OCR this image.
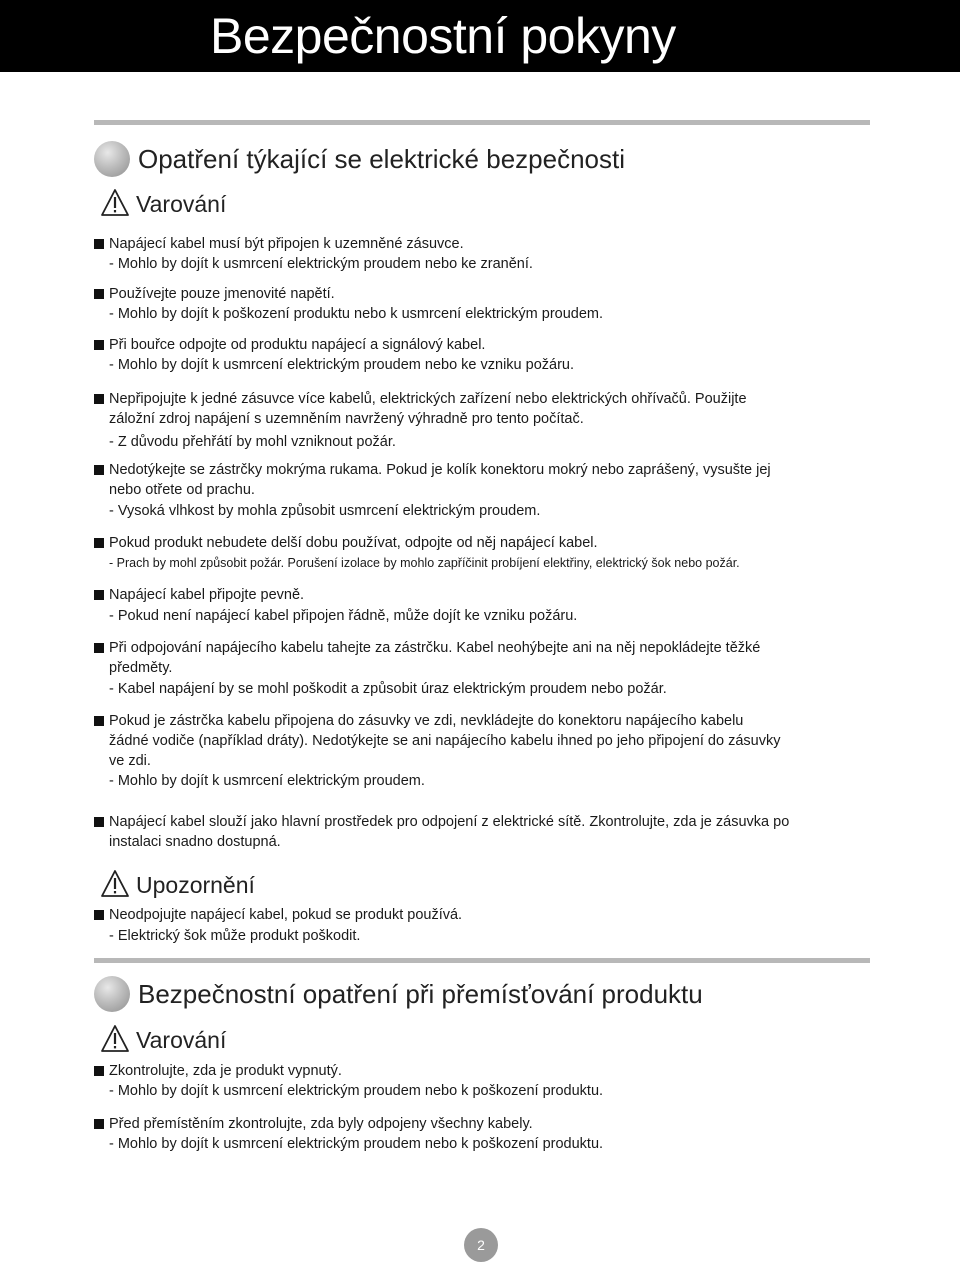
Bezpečnostní pokyny
Opatření týkající se elektrické bezpečnosti
Varování
Napájecí kabel musí být připojen k uzemněné zásuvce.
- Mohlo by dojít k usmrcení elektrickým proudem nebo ke zranění.
Používejte pouze jmenovité napětí.
- Mohlo by dojít k poškození produktu nebo k usmrcení elektrickým proudem.
Při bouřce odpojte od produktu napájecí a signálový kabel.
- Mohlo by dojít k usmrcení elektrickým proudem nebo ke vzniku požáru.
Nepřipojujte k jedné zásuvce více kabelů, elektrických zařízení nebo elektrických ohřívačů. Použijte
záložní zdroj napájení s uzemněním navržený výhradně pro tento počítač.
- Z důvodu přehřátí by mohl vzniknout požár.
Nedotýkejte se zástrčky mokrýma rukama. Pokud je kolík konektoru mokrý nebo zaprášený, vysušte jej
nebo otřete od prachu.
- Vysoká vlhkost by mohla způsobit usmrcení elektrickým proudem.
Pokud produkt nebudete delší dobu používat, odpojte od něj napájecí kabel.
- Prach by mohl způsobit požár. Porušení izolace by mohlo zapříčinit probíjení elektřiny, elektrický šok nebo požár.
Napájecí kabel připojte pevně.
- Pokud není napájecí kabel připojen řádně, může dojít ke vzniku požáru.
Při odpojování napájecího kabelu tahejte za zástrčku. Kabel neohýbejte ani na něj nepokládejte těžké
předměty.
- Kabel napájení by se mohl poškodit a způsobit úraz elektrickým proudem nebo požár.
Pokud je zástrčka kabelu připojena do zásuvky ve zdi, nevkládejte do konektoru napájecího kabelu
žádné vodiče (například dráty). Nedotýkejte se ani napájecího kabelu ihned po jeho připojení do zásuvky
ve zdi.
- Mohlo by dojít k usmrcení elektrickým proudem.
Napájecí kabel slouží jako hlavní prostředek pro odpojení z elektrické sítě. Zkontrolujte, zda je zásuvka po
instalaci snadno dostupná.
Upozornění
Neodpojujte napájecí kabel, pokud se produkt používá.
- Elektrický šok může produkt poškodit.
Bezpečnostní opatření při přemísťování produktu
Varování
Zkontrolujte, zda je produkt vypnutý.
- Mohlo by dojít k usmrcení elektrickým proudem nebo k poškození produktu.
Před přemístěním zkontrolujte, zda byly odpojeny všechny kabely.
- Mohlo by dojít k usmrcení elektrickým proudem nebo k poškození produktu.
2
